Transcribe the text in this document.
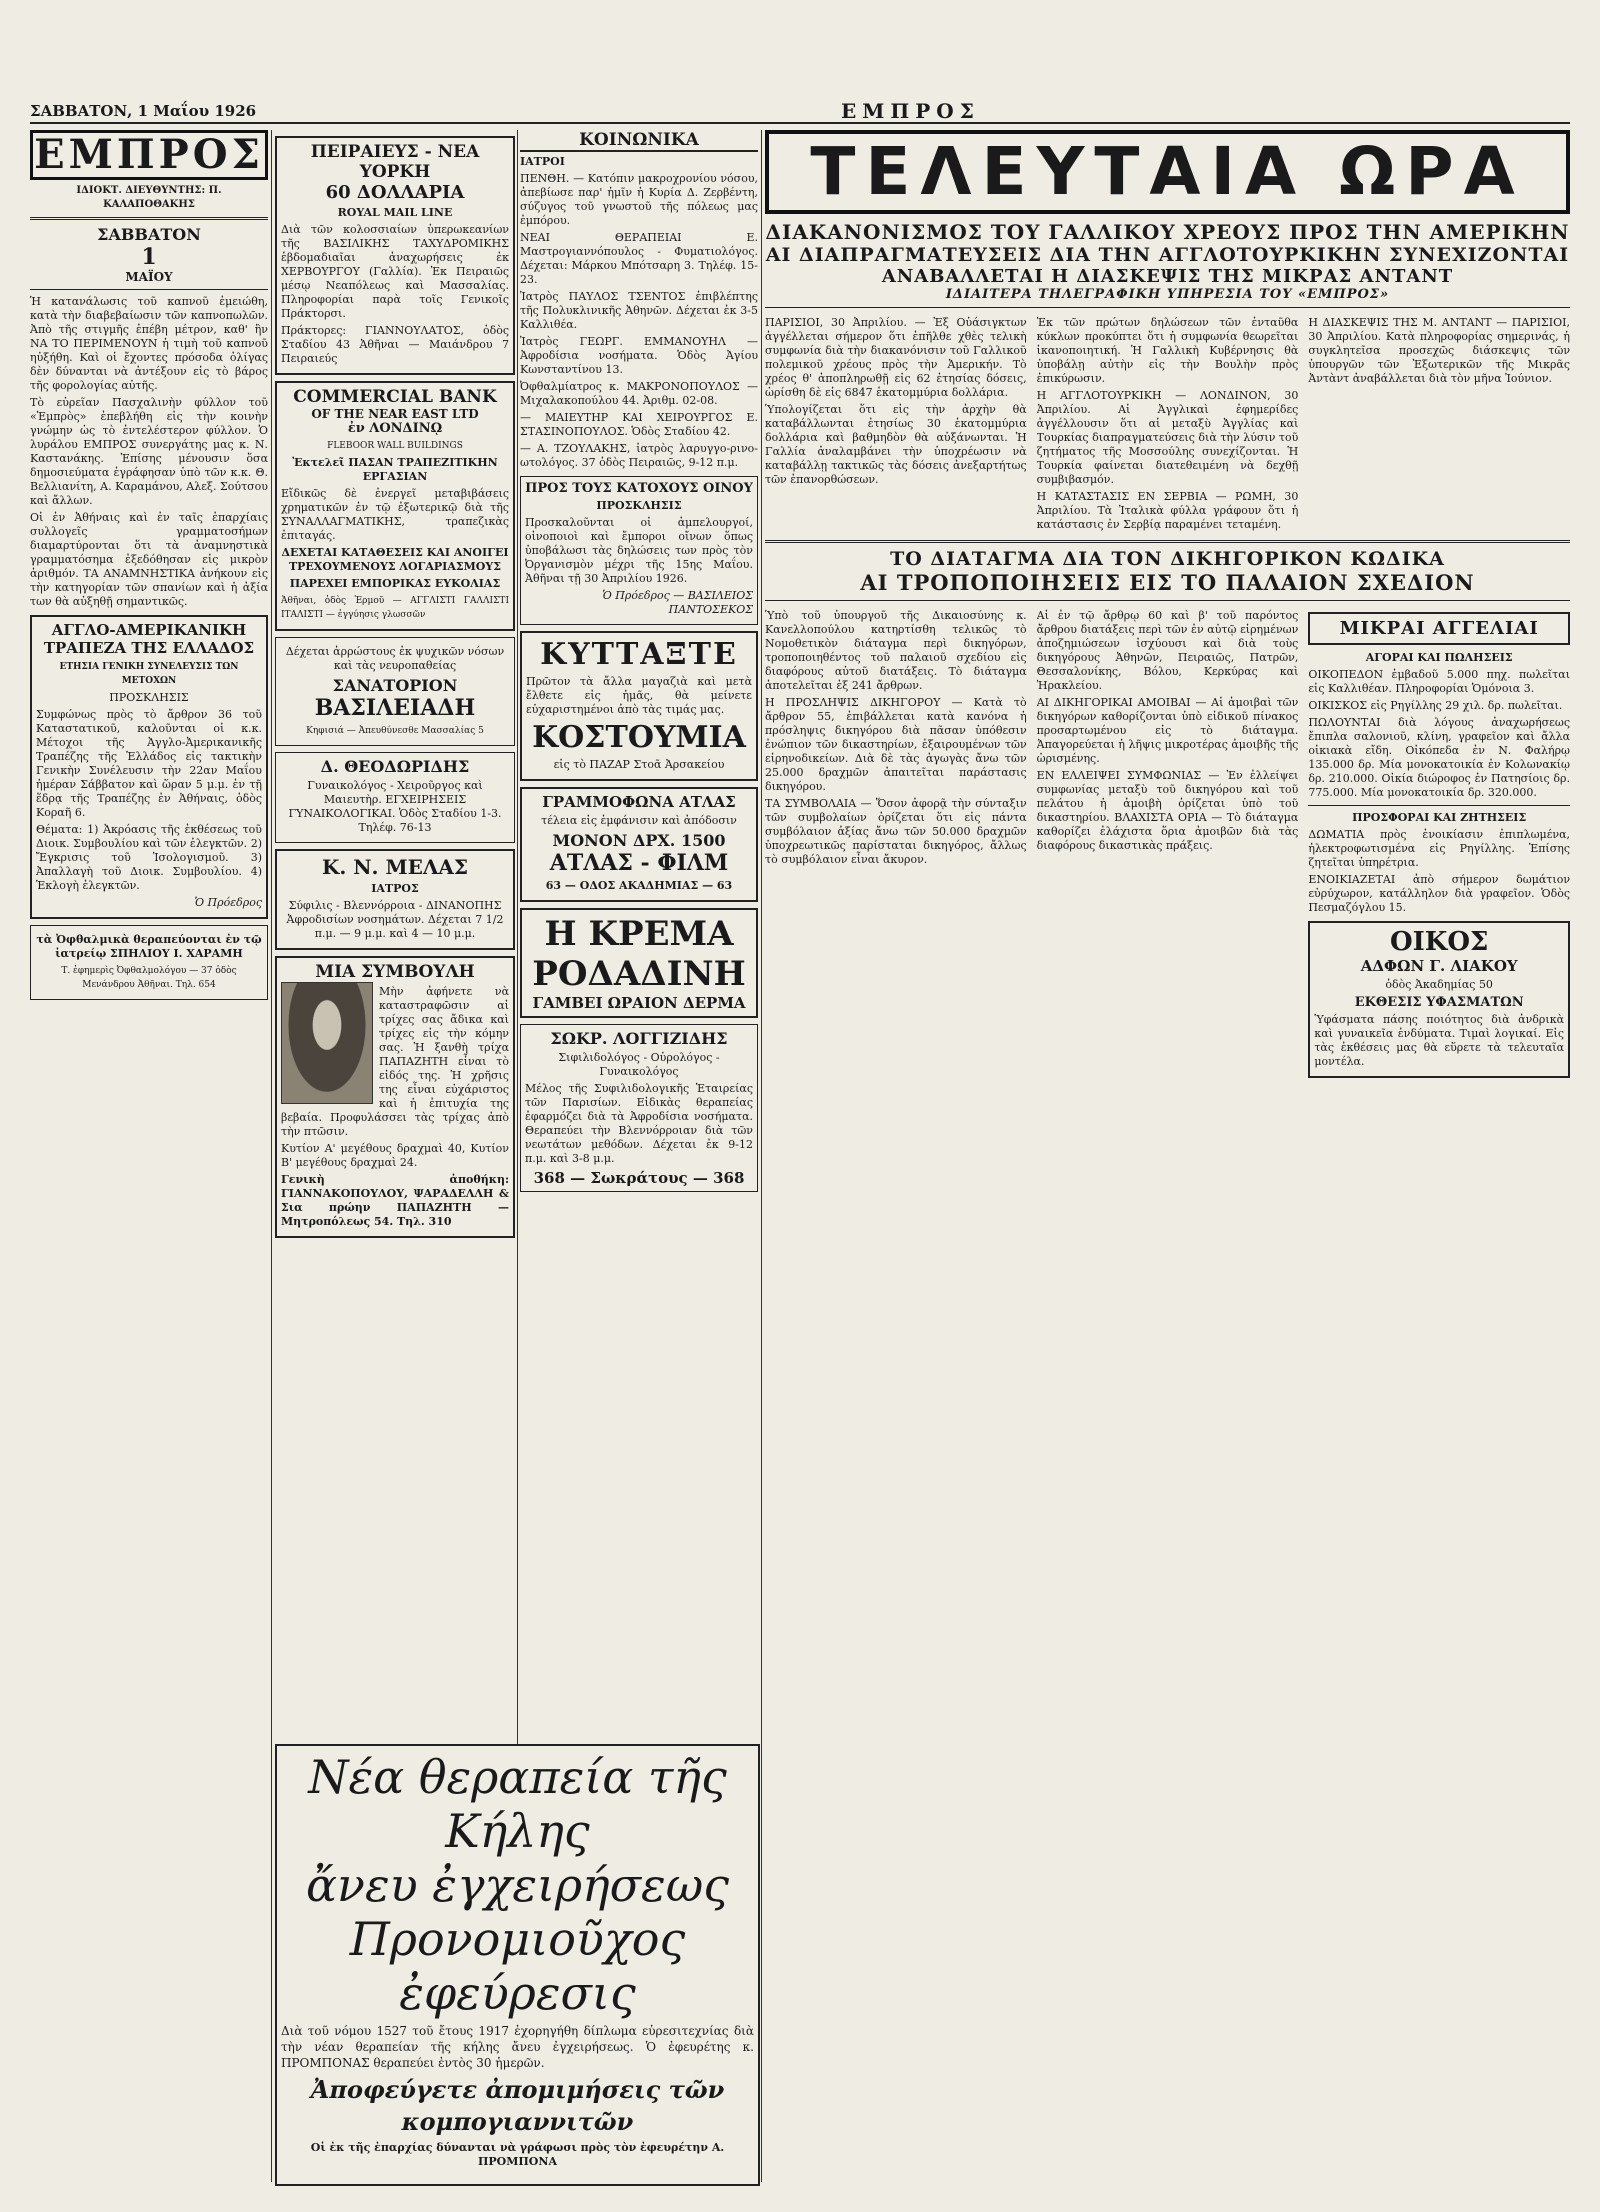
ΣΑΒΒΑΤΟΝ, 1 Μαΐου 1926	ΕΜΠΡΟΣ

ΕΜΠΡΟΣ
ΙΔΙΟΚΤ. ΔΙΕΥΘΥΝΤΗΣ: Π. ΚΑΛΑΠΟΘΑΚΗΣ
ΣΑΒΒΑΤΟΝ
1
ΜΑΪΟΥ

Ἡ κατανάλωσις τοῦ καπνοῦ ἐμειώθη, κατὰ τὴν διαβεβαίωσιν τῶν καπνοπωλῶν. Ἀπὸ τῆς στιγμῆς ἐπέβη μέτρον, καθ' ἢν ΝΑ ΤΟ ΠΕΡΙΜΕΝΟΥΝ ἡ τιμὴ τοῦ καπνοῦ ηὐξήθη. Καὶ οἱ ἔχοντες πρόσοδα ὀλίγας δὲν δύνανται νὰ ἀντέξουν εἰς τὸ βάρος τῆς φορολογίας αὐτῆς.

Τὸ εὐρεῖαν Πασχαλινὴν φύλλον τοῦ «Ἐμπρὸς» ἐπεβλήθη εἰς τὴν κοινὴν γνώμην ὡς τὸ ἐντελέστερον φύλλον. Ὁ λυράλου ΕΜΠΡΟΣ συνεργάτης μας κ. Ν. Καστανάκης. Ἐπίσης μένουσιν ὅσα δημοσιεύματα ἐγράφησαν ὑπὸ τῶν κ.κ. Θ. Βελλιανίτη, Α. Καραμάνου, Αλεξ. Σούτσου καὶ ἄλλων.

Οἱ ἐν Ἀθήναις καὶ ἐν ταῖς ἐπαρχίαις συλλογεῖς γραμματοσήμων διαμαρτύρονται ὅτι τὰ ἀναμνηστικὰ γραμματόσημα ἐξεδόθησαν εἰς μικρὸν ἀριθμόν. ΤΑ ΑΝΑΜΝΗΣΤΙΚΑ ἀνήκουν εἰς τὴν κατηγορίαν τῶν σπανίων καὶ ἡ ἀξία των θὰ αὐξηθῇ σημαντικῶς.

ΑΓΓΛΟ-ΑΜΕΡΙΚΑΝΙΚΗ ΤΡΑΠΕΖΑ ΤΗΣ ΕΛΛΑΔΟΣ
ΕΤΗΣΙΑ ΓΕΝΙΚΗ ΣΥΝΕΛΕΥΣΙΣ ΤΩΝ ΜΕΤΟΧΩΝ
ΠΡΟΣΚΛΗΣΙΣ

Συμφώνως πρὸς τὸ ἄρθρον 36 τοῦ Καταστατικοῦ, καλοῦνται οἱ κ.κ. Μέτοχοι τῆς Ἀγγλο-Ἀμερικανικῆς Τραπέζης τῆς Ἑλλάδος εἰς τακτικὴν Γενικὴν Συνέλευσιν τὴν 22αν Μαΐου ἡμέραν Σάββατον καὶ ὥραν 5 μ.μ. ἐν τῇ ἕδρᾳ τῆς Τραπέζης ἐν Ἀθήναις, ὁδὸς Κοραῆ 6.

Θέματα: 1) Ἀκρόασις τῆς ἐκθέσεως τοῦ Διοικ. Συμβουλίου καὶ τῶν ἐλεγκτῶν. 2) Ἔγκρισις τοῦ Ἰσολογισμοῦ. 3) Ἀπαλλαγὴ τοῦ Διοικ. Συμβουλίου. 4) Ἐκλογὴ ἐλεγκτῶν.

Ὁ Πρόεδρος
τὰ Ὀφθαλμικὰ θεραπεύονται ἐν τῷ ἰατρείῳ ΣΠΗΛΙΟΥ Ι. ΧΑΡΑΜΗ
Τ. ἐφημερὶς Ὀφθαλμολόγου — 37 ὁδὸς Μενάνδρου Ἀθῆναι. Τηλ. 654
ΠΕΙΡΑΙΕΥΣ - ΝΕΑ ΥΟΡΚΗ
60 ΔΟΛΛΑΡΙΑ
ROYAL MAIL LINE

Διὰ τῶν κολοσσιαίων ὑπερωκεανίων τῆς ΒΑΣΙΛΙΚΗΣ ΤΑΧΥΔΡΟΜΙΚΗΣ ἑβδομαδιαῖαι ἀναχωρήσεις ἐκ ΧΕΡΒΟΥΡΓΟΥ (Γαλλία). Ἐκ Πειραιῶς μέσῳ Νεαπόλεως καὶ Μασσαλίας. Πληροφορίαι παρὰ τοῖς Γενικοῖς Πράκτορσι.

Πράκτορες: ΓΙΑΝΝΟΥΛΑΤΟΣ, ὁδὸς Σταδίου 43 Ἀθῆναι — Μαιάνδρου 7 Πειραιεύς

COMMERCIAL BANK
OF THE NEAR EAST LTD
ἐν ΛΟΝΔΙΝῼ
FLEBOOR WALL BUILDINGS
Ἐκτελεῖ ΠΑΣΑΝ ΤΡΑΠΕΖΙΤΙΚΗΝ ΕΡΓΑΣΙΑΝ

Εἴδικῶς δὲ ἐνεργεῖ μεταβιβάσεις χρηματικῶν ἐν τῷ ἐξωτερικῷ διὰ τῆς ΣΥΝΑΛΛΑΓΜΑΤΙΚΗΣ, τραπεζικὰς ἐπιταγάς.

ΔΕΧΕΤΑΙ ΚΑΤΑΘΕΣΕΙΣ ΚΑΙ ΑΝΟΙΓΕΙ ΤΡΕΧΟΥΜΕΝΟΥΣ ΛΟΓΑΡΙΑΣΜΟΥΣ
ΠΑΡΕΧΕΙ ΕΜΠΟΡΙΚΑΣ ΕΥΚΟΛΙΑΣ

Ἀθῆναι, ὁδὸς Ἑρμοῦ — ΑΓΓΛΙΣΤΙ ΓΑΛΛΙΣΤΙ ΙΤΑΛΙΣΤΙ — ἐγγύησις γλωσσῶν

Δέχεται ἀρρώστους ἐκ ψυχικῶν νόσων καὶ τὰς νευροπαθείας

ΣΑΝΑΤΟΡΙΟΝ
ΒΑΣΙΛΕΙΑΔΗ
Κηφισιά — Ἀπευθύνεσθε Μασσαλίας 5
Δ. ΘΕΟΔΩΡΙΔΗΣ

Γυναικολόγος - Χειροῦργος καὶ Μαιευτὴρ. ΕΓΧΕΙΡΗΣΕΙΣ ΓΥΝΑΙΚΟΛΟΓΙΚΑΙ. Ὁδὸς Σταδίου 1-3. Τηλέφ. 76-13

Κ. Ν. ΜΕΛΑΣ
ΙΑΤΡΟΣ

Σύφιλις - Βλεννόρροια - ΔΙΝΑΝΟΠΗΣ Ἀφροδισίων νοσημάτων. Δέχεται 7 1/2 π.μ. — 9 μ.μ. καὶ 4 — 10 μ.μ.

ΜΙΑ ΣΥΜΒΟΥΛΗ

Μὴν ἀφήνετε νὰ καταστραφῶσιν αἱ τρίχες σας ἄδικα καὶ τρίχες εἰς τὴν κόμην σας. Ἡ ξανθὴ τρίχα ΠΑΠΑΖΗΤΗ εἶναι τὸ εἰδός της. Ἡ χρῆσις της εἶναι εὐχάριστος καὶ ἡ ἐπιτυχία της βεβαία. Προφυλάσσει τὰς τρίχας ἀπὸ τὴν πτῶσιν.

Κυτίον Α' μεγέθους δραχμαὶ 40, Κυτίον Β' μεγέθους δραχμαὶ 24.

Γενικὴ ἀποθήκη: ΓΙΑΝΝΑΚΟΠΟΥΛΟΥ, ΨΑΡΑΔΕΛΛΗ & Σια πρώην ΠΑΠΑΖΗΤΗ — Μητροπόλεως 54. Τηλ. 310

ΚΟΙΝΩΝΙΚΑ
ΙΑΤΡΟΙ

ΠΕΝΘΗ. — Κατόπιν μακροχρονίου νόσου, ἀπεβίωσε παρ' ἡμῖν ἡ Κυρία Δ. Ζερβέντη, σύζυγος τοῦ γνωστοῦ τῆς πόλεως μας ἐμπόρου.

ΝΕΑΙ ΘΕΡΑΠΕΙΑΙ Ε. Μαστρογιαννόπουλος - Φυματιολόγος. Δέχεται: Μάρκου Μπότσαρη 3. Τηλέφ. 15-23.

Ἰατρὸς ΠΑΥΛΟΣ ΤΣΕΝΤΟΣ ἐπιβλέπτης τῆς Πολυκλινικῆς Ἀθηνῶν. Δέχεται ἐκ 3-5 Καλλιθέα.

Ἰατρὸς ΓΕΩΡΓ. ΕΜΜΑΝΟΥΗΛ — Ἀφροδίσια νοσήματα. Ὁδὸς Ἀγίου Κωνσταντίνου 13.

Ὀφθαλμίατρος κ. ΜΑΚΡΟΝΟΠΟΥΛΟΣ — Μιχαλακοπούλου 44. Ἀριθμ. 02-08.

— ΜΑΙΕΥΤΗΡ ΚΑΙ ΧΕΙΡΟΥΡΓΟΣ Ε. ΣΤΑΣΙΝΟΠΟΥΛΟΣ. Ὁδὸς Σταδίου 42.

— Α. ΤΖΟΥΛΑΚΗΣ, ἰατρὸς λαρυγγο-ρινο-ωτολόγος. 37 ὁδὸς Πειραιῶς, 9-12 π.μ.

ΠΡΟΣ ΤΟΥΣ ΚΑΤΟΧΟΥΣ ΟΙΝΟΥ
ΠΡΟΣΚΛΗΣΙΣ

Προσκαλοῦνται οἱ ἀμπελουργοί, οἰνοποιοὶ καὶ ἔμποροι οἴνων ὅπως ὑποβάλωσι τὰς δηλώσεις των πρὸς τὸν Ὀργανισμὸν μέχρι τῆς 15ης Μαΐου. Ἀθῆναι τῇ 30 Ἀπριλίου 1926.

Ὁ Πρόεδρος — ΒΑΣΙΛΕΙΟΣ ΠΑΝΤΟΣΕΚΟΣ
ΚΥΤΤΑΞΤΕ

Πρῶτον τὰ ἄλλα μαγαζιὰ καὶ μετὰ ἔλθετε εἰς ἡμᾶς, θὰ μείνετε εὐχαριστημένοι ἀπὸ τὰς τιμάς μας.

ΚΟΣΤΟΥΜΙΑ
εἰς τὸ ΠΑΖΑΡ Στοᾶ Ἀρσακείου
ΓΡΑΜΜΟΦΩΝΑ ΑΤΛΑΣ
τέλεια εἰς ἐμφάνισιν καὶ ἀπόδοσιν
ΜΟΝΟΝ ΔΡΧ. 1500
ΑΤΛΑΣ - ΦΙΛΜ
63 — ΟΔΟΣ ΑΚΑΔΗΜΙΑΣ — 63
Η ΚΡΕΜΑ
ΡΟΔΑΔΙΝΗ
ΓΑΜΒΕΙ ΩΡΑΙΟΝ ΔΕΡΜΑ
ΣΩΚΡ. ΛΟΓΓΙΖΙΔΗΣ
Σιφιλιδολόγος - Οὐρολόγος - Γυναικολόγος

Μέλος τῆς Συφιλιδολογικῆς Ἑταιρείας τῶν Παρισίων. Εἰδικὰς θεραπείας ἐφαρμόζει διὰ τὰ Ἀφροδίσια νοσήματα. Θεραπεύει τὴν Βλεννόρροιαν διὰ τῶν νεωτάτων μεθόδων. Δέχεται ἐκ 9-12 π.μ. καὶ 3-8 μ.μ.

368 — Σωκράτους — 368
Νέα θεραπεία τῆς Κήλης
ἄνευ ἐγχειρήσεως
Προνομιοῦχος ἐφεύρεσις

Διὰ τοῦ νόμου 1527 τοῦ ἔτους 1917 ἐχορηγήθη δίπλωμα εὑρεσιτεχνίας διὰ τὴν νέαν θεραπείαν τῆς κήλης ἄνευ ἐγχειρήσεως. Ὁ ἐφευρέτης κ. ΠΡΟΜΠΟΝΑΣ θεραπεύει ἐντὸς 30 ἡμερῶν.

Ἀποφεύγετε ἀπομιμήσεις τῶν κομπογιαννιτῶν

Οἱ ἐκ τῆς ἐπαρχίας δύνανται νὰ γράφωσι πρὸς τὸν ἐφευρέτην Α. ΠΡΟΜΠΟΝΑ

ΤΕΛΕΥΤΑΙΑ ΩΡΑ
ΔΙΑΚΑΝΟΝΙΣΜΟΣ ΤΟΥ ΓΑΛΛΙΚΟΥ ΧΡΕΟΥΣ ΠΡΟΣ ΤΗΝ ΑΜΕΡΙΚΗΝ
ΑΙ ΔΙΑΠΡΑΓΜΑΤΕΥΣΕΙΣ ΔΙΑ ΤΗΝ ΑΓΓΛΟΤΟΥΡΚΙΚΗΝ ΣΥΝΕΧΙΖΟΝΤΑΙ
ΑΝΑΒΑΛΛΕΤΑΙ Η ΔΙΑΣΚΕΨΙΣ ΤΗΣ ΜΙΚΡΑΣ ΑΝΤΑΝΤ
ΙΔΙΑΙΤΕΡΑ ΤΗΛΕΓΡΑΦΙΚΗ ΥΠΗΡΕΣΙΑ ΤΟΥ «ΕΜΠΡΟΣ»

ΠΑΡΙΣΙΟΙ, 30 Ἀπριλίου. — Ἐξ Οὐάσιγκτων ἀγγέλλεται σήμερον ὅτι ἐπῆλθε χθὲς τελικὴ συμφωνία διὰ τὴν διακανόνισιν τοῦ Γαλλικοῦ πολεμικοῦ χρέους πρὸς τὴν Ἀμερικήν. Τὸ χρέος θ' ἀποπληρωθῇ εἰς 62 ἐτησίας δόσεις, ὡρίσθη δὲ εἰς 6847 ἑκατομμύρια δολλάρια.

Ὑπολογίζεται ὅτι εἰς τὴν ἀρχὴν θὰ καταβάλλωνται ἐτησίως 30 ἑκατομμύρια δολλάρια καὶ βαθμηδὸν θὰ αὐξάνωνται. Ἡ Γαλλία ἀναλαμβάνει τὴν ὑποχρέωσιν νὰ καταβάλλῃ τακτικῶς τὰς δόσεις ἀνεξαρτήτως τῶν ἐπανορθώσεων.

Ἐκ τῶν πρώτων δηλώσεων τῶν ἐνταῦθα κύκλων προκύπτει ὅτι ἡ συμφωνία θεωρεῖται ἱκανοποιητική. Ἡ Γαλλικὴ Κυβέρνησις θὰ ὑποβάλῃ αὐτὴν εἰς τὴν Βουλὴν πρὸς ἐπικύρωσιν.

Η ΑΓΓΛΟΤΟΥΡΚΙΚΗ — ΛΟΝΔΙΝΟΝ, 30 Ἀπριλίου. Αἱ Ἀγγλικαὶ ἐφημερίδες ἀγγέλλουσιν ὅτι αἱ μεταξὺ Ἀγγλίας καὶ Τουρκίας διαπραγματεύσεις διὰ τὴν λύσιν τοῦ ζητήματος τῆς Μοσσούλης συνεχίζονται. Ἡ Τουρκία φαίνεται διατεθειμένη νὰ δεχθῇ συμβιβασμόν.

Η ΚΑΤΑΣΤΑΣΙΣ ΕΝ ΣΕΡΒΙΑ — ΡΩΜΗ, 30 Ἀπριλίου. Τὰ Ἰταλικὰ φύλλα γράφουν ὅτι ἡ κατάστασις ἐν Σερβίᾳ παραμένει τεταμένη.

Η ΔΙΑΣΚΕΨΙΣ ΤΗΣ Μ. ΑΝΤΑΝΤ — ΠΑΡΙΣΙΟΙ, 30 Ἀπριλίου. Κατὰ πληροφορίας σημερινάς, ἡ συγκλητεῖσα προσεχῶς διάσκεψις τῶν ὑπουργῶν τῶν Ἐξωτερικῶν τῆς Μικρᾶς Ἀντὰντ ἀναβάλλεται διὰ τὸν μῆνα Ἰούνιον.

ΤΟ ΔΙΑΤΑΓΜΑ ΔΙΑ ΤΟΝ ΔΙΚΗΓΟΡΙΚΟΝ ΚΩΔΙΚΑ
ΑΙ ΤΡΟΠΟΠΟΙΗΣΕΙΣ ΕΙΣ ΤΟ ΠΑΛΑΙΟΝ ΣΧΕΔΙΟΝ

Ὑπὸ τοῦ ὑπουργοῦ τῆς Δικαιοσύνης κ. Κανελλοπούλου κατηρτίσθη τελικῶς τὸ Νομοθετικὸν διάταγμα περὶ δικηγόρων, τροποποιηθέντος τοῦ παλαιοῦ σχεδίου εἰς διαφόρους αὐτοῦ διατάξεις. Τὸ διάταγμα ἀποτελεῖται ἐξ 241 ἄρθρων.

Η ΠΡΟΣΛΗΨΙΣ ΔΙΚΗΓΟΡΟΥ — Κατὰ τὸ ἄρθρον 55, ἐπιβάλλεται κατὰ κανόνα ἡ πρόσληψις δικηγόρου διὰ πᾶσαν ὑπόθεσιν ἐνώπιον τῶν δικαστηρίων, ἐξαιρουμένων τῶν εἰρηνοδικείων. Διὰ δὲ τὰς ἀγωγὰς ἄνω τῶν 25.000 δραχμῶν ἀπαιτεῖται παράστασις δικηγόρου.

ΤΑ ΣΥΜΒΟΛΑΙΑ — Ὅσον ἀφορᾷ τὴν σύνταξιν τῶν συμβολαίων ὁρίζεται ὅτι εἰς πάντα συμβόλαιον ἀξίας ἄνω τῶν 50.000 δραχμῶν ὑποχρεωτικῶς παρίσταται δικηγόρος, ἄλλως τὸ συμβόλαιον εἶναι ἄκυρον.

Αἱ ἐν τῷ ἄρθρῳ 60 καὶ β' τοῦ παρόντος ἄρθρου διατάξεις περὶ τῶν ἐν αὐτῷ εἰρημένων ἀποζημιώσεων ἰσχύουσι καὶ διὰ τοὺς δικηγόρους Ἀθηνῶν, Πειραιῶς, Πατρῶν, Θεσσαλονίκης, Βόλου, Κερκύρας καὶ Ἡρακλείου.

ΑΙ ΔΙΚΗΓΟΡΙΚΑΙ ΑΜΟΙΒΑΙ — Αἱ ἀμοιβαὶ τῶν δικηγόρων καθορίζονται ὑπὸ εἰδικοῦ πίνακος προσαρτωμένου εἰς τὸ διάταγμα. Ἀπαγορεύεται ἡ λῆψις μικροτέρας ἀμοιβῆς τῆς ὡρισμένης.

ΕΝ ΕΛΛΕΙΨΕΙ ΣΥΜΦΩΝΙΑΣ — Ἐν ἐλλείψει συμφωνίας μεταξὺ τοῦ δικηγόρου καὶ τοῦ πελάτου ἡ ἀμοιβὴ ὁρίζεται ὑπὸ τοῦ δικαστηρίου. ΒΛΑΧΙΣΤΑ ΟΡΙΑ — Τὸ διάταγμα καθορίζει ἐλάχιστα ὅρια ἀμοιβῶν διὰ τὰς διαφόρους δικαστικὰς πράξεις.

ΜΙΚΡΑΙ ΑΓΓΕΛΙΑΙ
ΑΓΟΡΑΙ ΚΑΙ ΠΩΛΗΣΕΙΣ

ΟΙΚΟΠΕΔΟΝ ἐμβαδοῦ 5.000 πηχ. πωλεῖται εἰς Καλλιθέαν. Πληροφορίαι Ὁμόνοια 3.

ΟΙΚΙΣΚΟΣ εἰς Ρηγίλλης 29 χιλ. δρ. πωλεῖται.

ΠΩΛΟΥΝΤΑΙ διὰ λόγους ἀναχωρήσεως ἔπιπλα σαλονιοῦ, κλίνη, γραφεῖον καὶ ἄλλα οἰκιακὰ εἴδη. Οἰκόπεδα ἐν Ν. Φαλήρῳ 135.000 δρ. Μία μονοκατοικία ἐν Κολωνακίῳ δρ. 210.000. Οἰκία διώροφος ἐν Πατησίοις δρ. 775.000. Μία μονοκατοικία δρ. 320.000.

ΠΡΟΣΦΟΡΑΙ ΚΑΙ ΖΗΤΗΣΕΙΣ

ΔΩΜΑΤΙΑ πρὸς ἐνοικίασιν ἐπιπλωμένα, ἠλεκτροφωτισμένα εἰς Ρηγίλλης. Ἐπίσης ζητεῖται ὑπηρέτρια.

ΕΝΟΙΚΙΑΖΕΤΑΙ ἀπὸ σήμερον δωμάτιον εὐρύχωρον, κατάλληλον διὰ γραφεῖον. Ὁδὸς Πεσμαζόγλου 15.

ΟΙΚΟΣ
ΑΔΦΩΝ Γ. ΛΙΑΚΟΥ
ὁδὸς Ἀκαδημίας 50
ΕΚΘΕΣΙΣ ΥΦΑΣΜΑΤΩΝ

Ὑφάσματα πάσης ποιότητος διὰ ἀνδρικὰ καὶ γυναικεῖα ἐνδύματα. Τιμαὶ λογικαί. Εἰς τὰς ἐκθέσεις μας θὰ εὕρετε τὰ τελευταῖα μοντέλα.
